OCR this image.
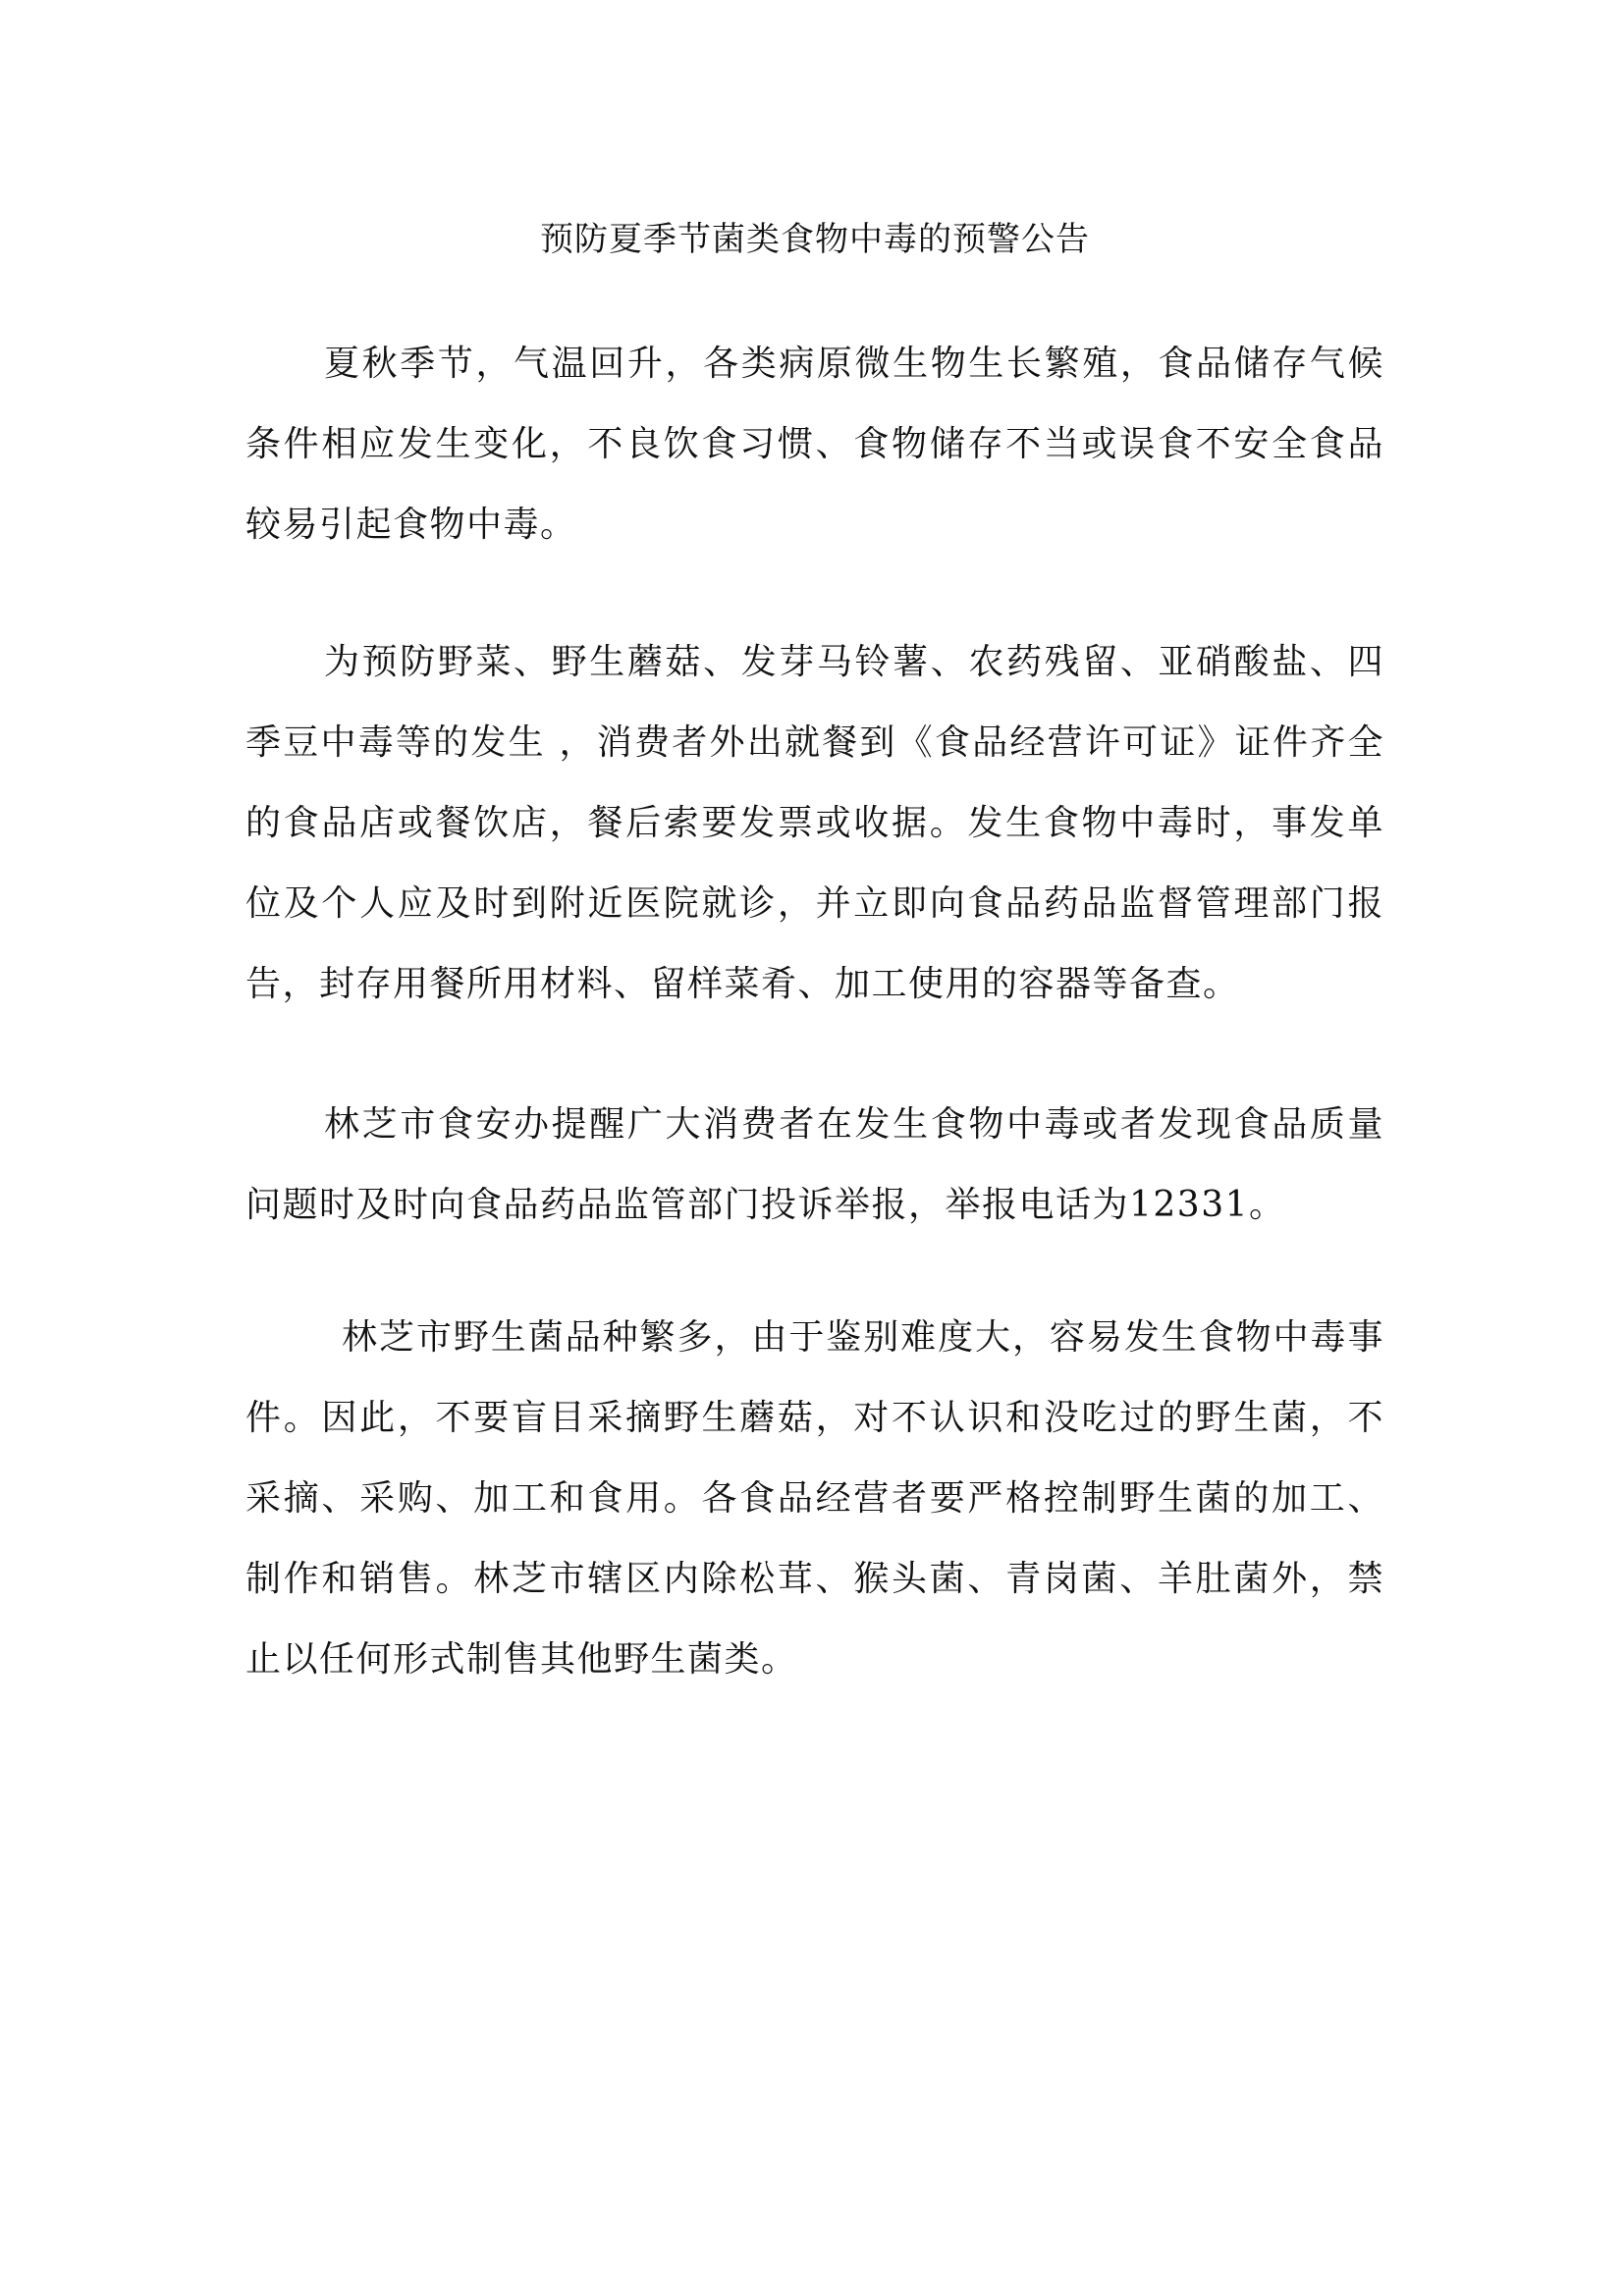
预防夏季节菌类食物中毒的预警公告

夏秋季节，气温回升，各类病原微生物生长繁殖，食品储存气候条件相应发生变化，不良饮食习惯、食物储存不当或误食不安全食品较易引起食物中毒。

为预防野菜、野生蘑菇、发芽马铃薯、农药残留、亚硝酸盐、四季豆中毒等的发生 ，消费者外出就餐到《食品经营许可证》证件齐全的食品店或餐饮店，餐后索要发票或收据。发生食物中毒时，事发单位及个人应及时到附近医院就诊，并立即向食品药品监督管理部门报告，封存用餐所用材料、留样菜肴、加工使用的容器等备查。

林芝市食安办提醒广大消费者在发生食物中毒或者发现食品质量问题时及时向食品药品监管部门投诉举报，举报电话为12331。

林芝市野生菌品种繁多，由于鉴别难度大，容易发生食物中毒事件。因此，不要盲目采摘野生蘑菇，对不认识和没吃过的野生菌，不采摘、采购、加工和食用。各食品经营者要严格控制野生菌的加工、制作和销售。林芝市辖区内除松茸、猴头菌、青岗菌、羊肚菌外，禁止以任何形式制售其他野生菌类。
